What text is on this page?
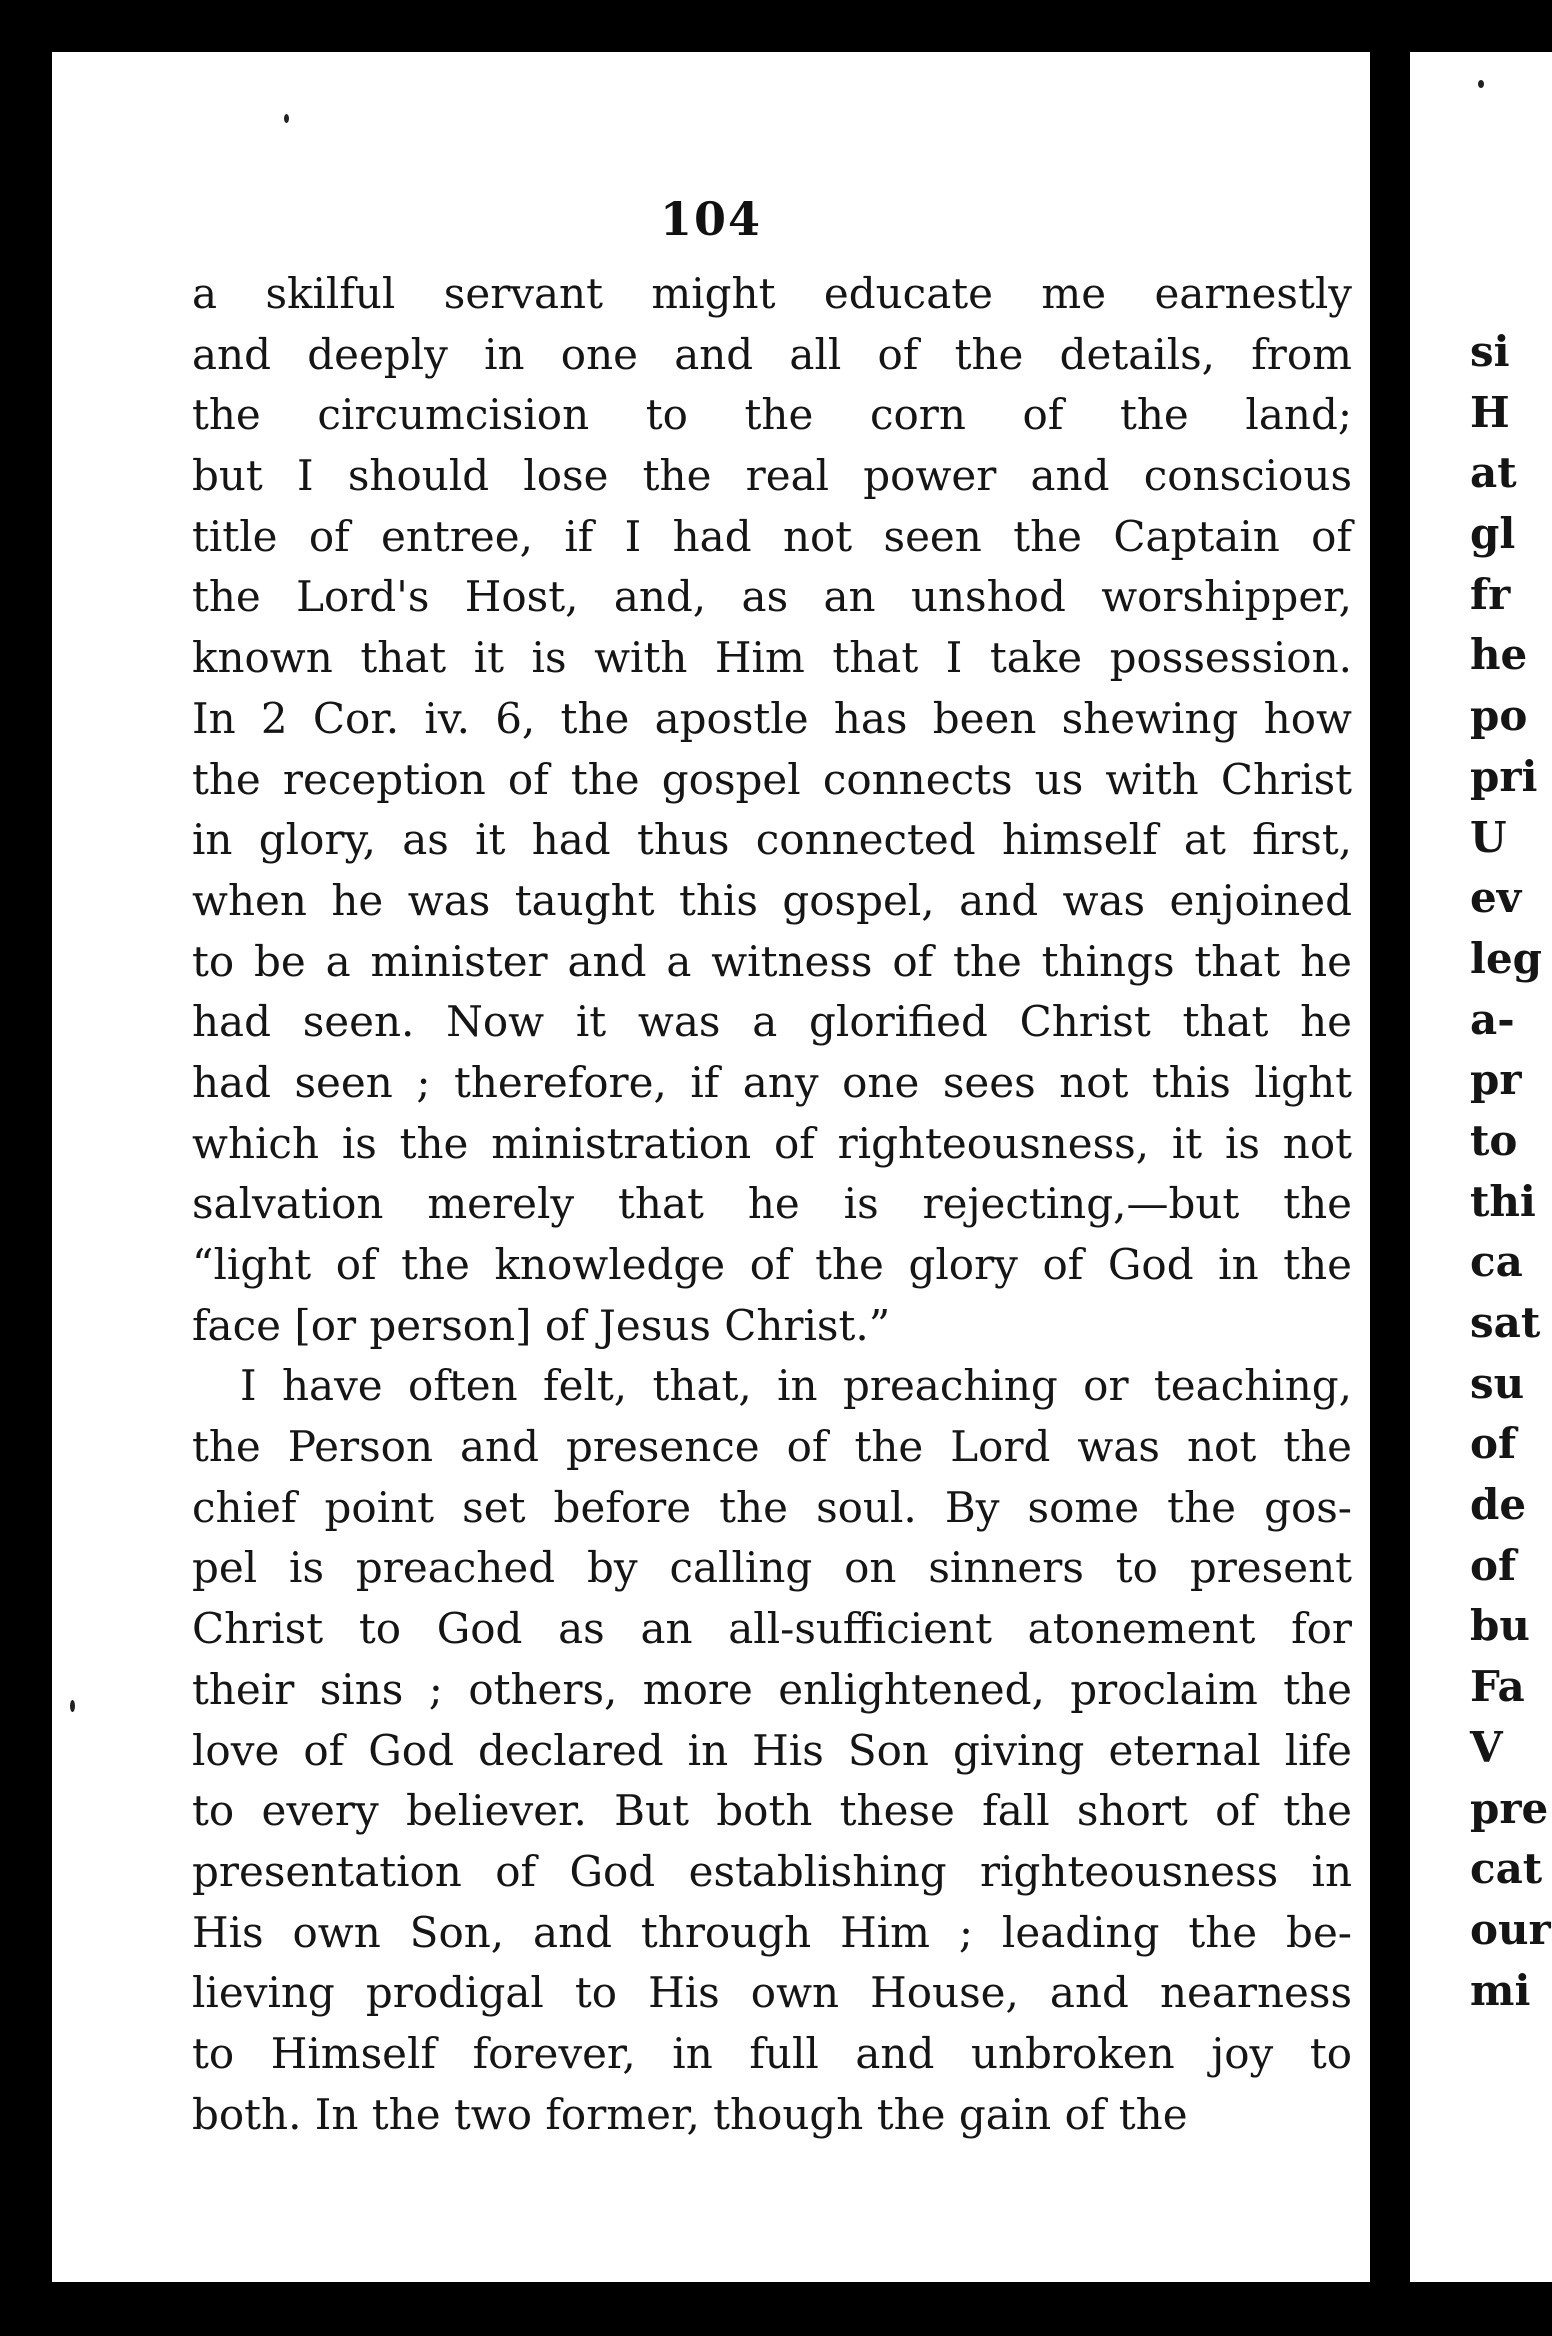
104
a skilful servant might educate me earnestly
and deeply in one and all of the details, from
the circumcision to the corn of the land;
but I should lose the real power and conscious
title of entree, if I had not seen the Captain of
the Lord's Host, and, as an unshod worshipper,
known that it is with Him that I take possession.
In 2 Cor. iv. 6, the apostle has been shewing how
the reception of the gospel connects us with Christ
in glory, as it had thus connected himself at first,
when he was taught this gospel, and was enjoined
to be a minister and a witness of the things that he
had seen. Now it was a glorified Christ that he
had seen ; therefore, if any one sees not this light
which is the ministration of righteousness, it is not
salvation merely that he is rejecting,—but the
“light of the knowledge of the glory of God in the
face [or person] of Jesus Christ.”
I have often felt, that, in preaching or teaching,
the Person and presence of the Lord was not the
chief point set before the soul. By some the gos-
pel is preached by calling on sinners to present
Christ to God as an all-sufficient atonement for
their sins ; others, more enlightened, proclaim the
love of God declared in His Son giving eternal life
to every believer. But both these fall short of the
presentation of God establishing righteousness in
His own Son, and through Him ; leading the be-
lieving prodigal to His own House, and nearness
to Himself forever, in full and unbroken joy to
both. In the two former, though the gain of the
si
H
at
gl
fr
he
po
pri
U
ev
leg
a-
pr
to
thi
ca
sat
su
of
de
of
bu
Fa
V
pre
cat
our
mi
